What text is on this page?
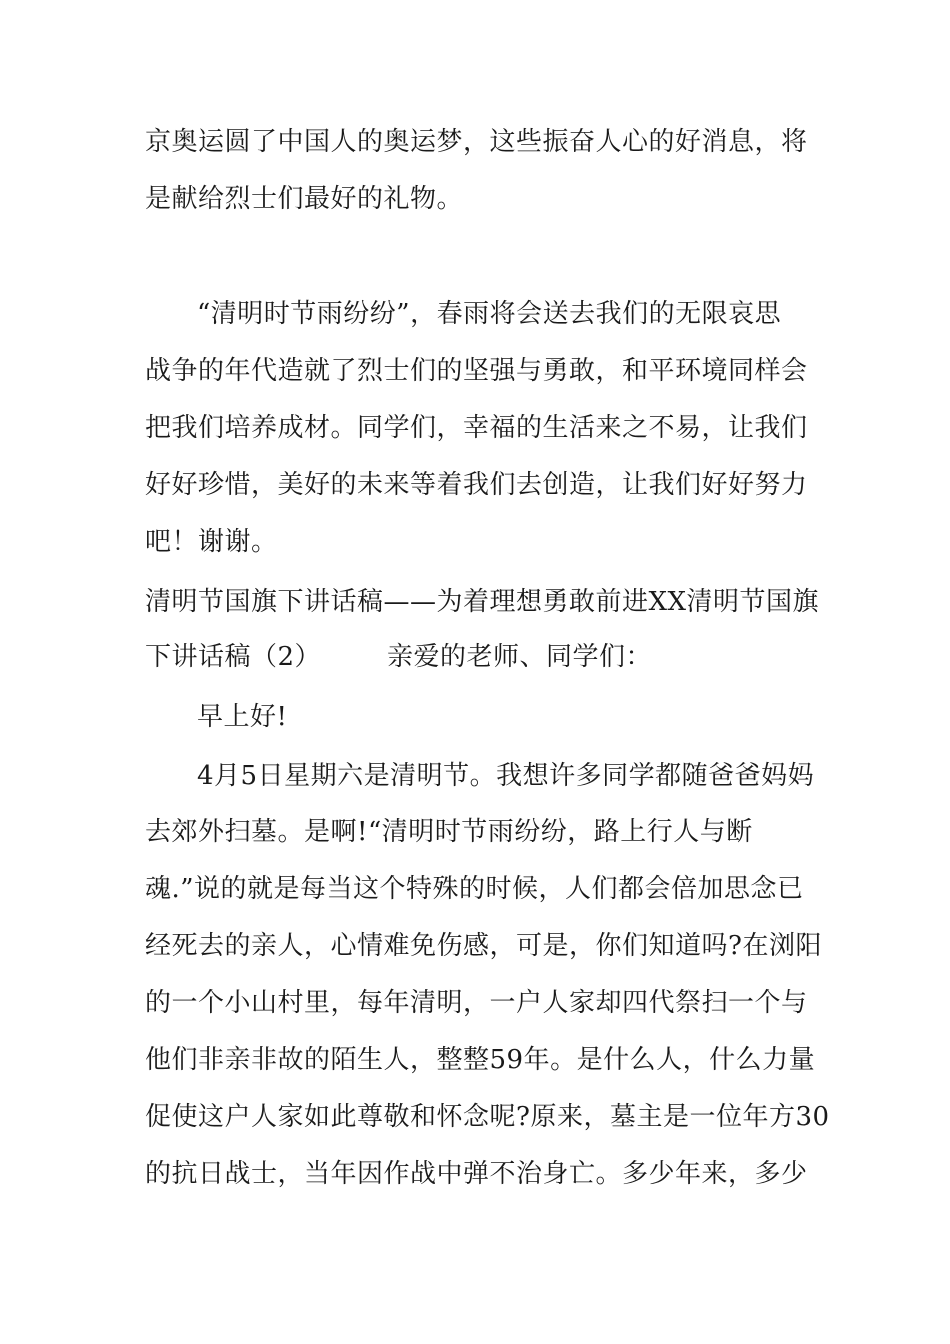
京奥运圆了中国人的奥运梦，这些振奋人心的好消息，将
是献给烈士们最好的礼物。
“清明时节雨纷纷”，春雨将会送去我们的无限哀思
战争的年代造就了烈士们的坚强与勇敢，和平环境同样会
把我们培养成材。同学们，幸福的生活来之不易，让我们
好好珍惜，美好的未来等着我们去创造，让我们好好努力
吧！谢谢。
清明节国旗下讲话稿——为着理想勇敢前进XX清明节国旗
下讲话稿（2）	亲爱的老师、同学们：
早上好!
4月5日星期六是清明节。我想许多同学都随爸爸妈妈
去郊外扫墓。是啊!“清明时节雨纷纷，路上行人与断
魂.”说的就是每当这个特殊的时候，人们都会倍加思念已
经死去的亲人，心情难免伤感，可是，你们知道吗?在浏阳
的一个小山村里，每年清明，一户人家却四代祭扫一个与
他们非亲非故的陌生人，整整59年。是什么人，什么力量
促使这户人家如此尊敬和怀念呢?原来，墓主是一位年方30
的抗日战士，当年因作战中弹不治身亡。多少年来，多少
